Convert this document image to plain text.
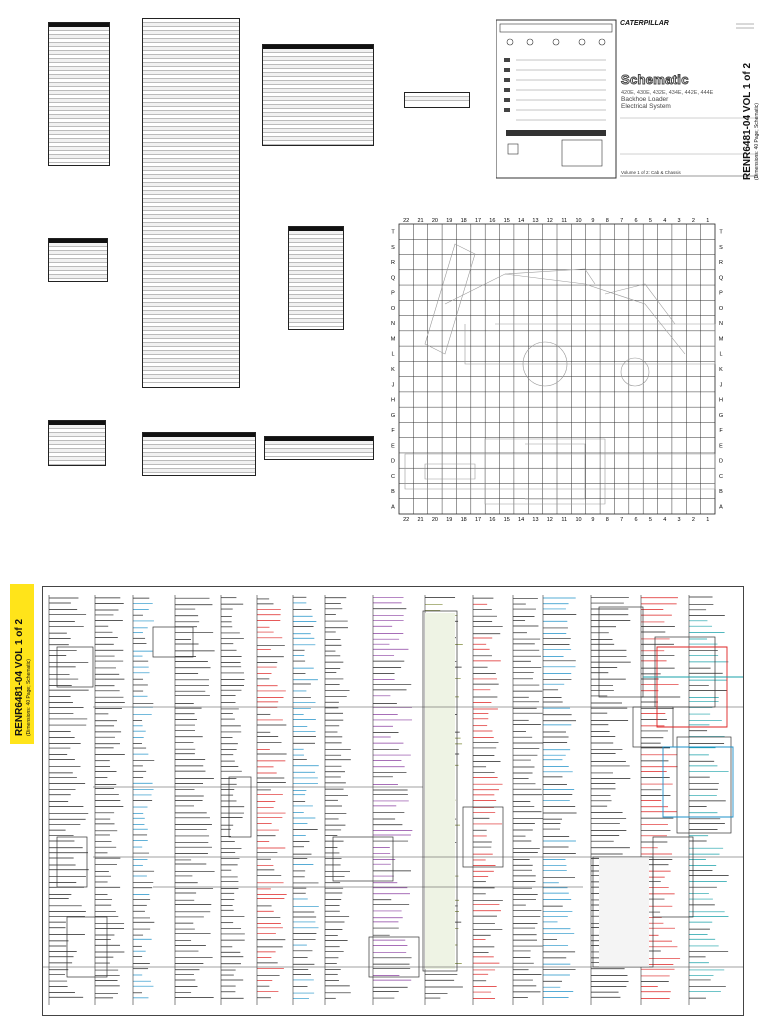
CATERPILLAR
Schematic
420E, 430E, 432E, 434E, 442E, 444E
Backhoe Loader
Electrical System
Volume 1 of 2: Cab & Chassis	RENR6481-04 VOL 1 of 2 (Dimensions: 40 Page; Schematic)
22
22
21
21
20
20
19
19
18
18
17
17
16
16
15
15
14
14
13
13
12
12
11
11
10
10
9
9
8
8
7
7
6
6
5
5
4
4
3
3
2
2
1
1
T	T
S	S
R	R
Q	Q
P	P
O	O
N	N
M	M
L	L
K	K
J	J
H	H
G	G
F	F
E	E
D	D
C	C
B	B
A	A
RENR6481-04 VOL 1 of 2 (Dimensions: 40 Page; Schematic)
